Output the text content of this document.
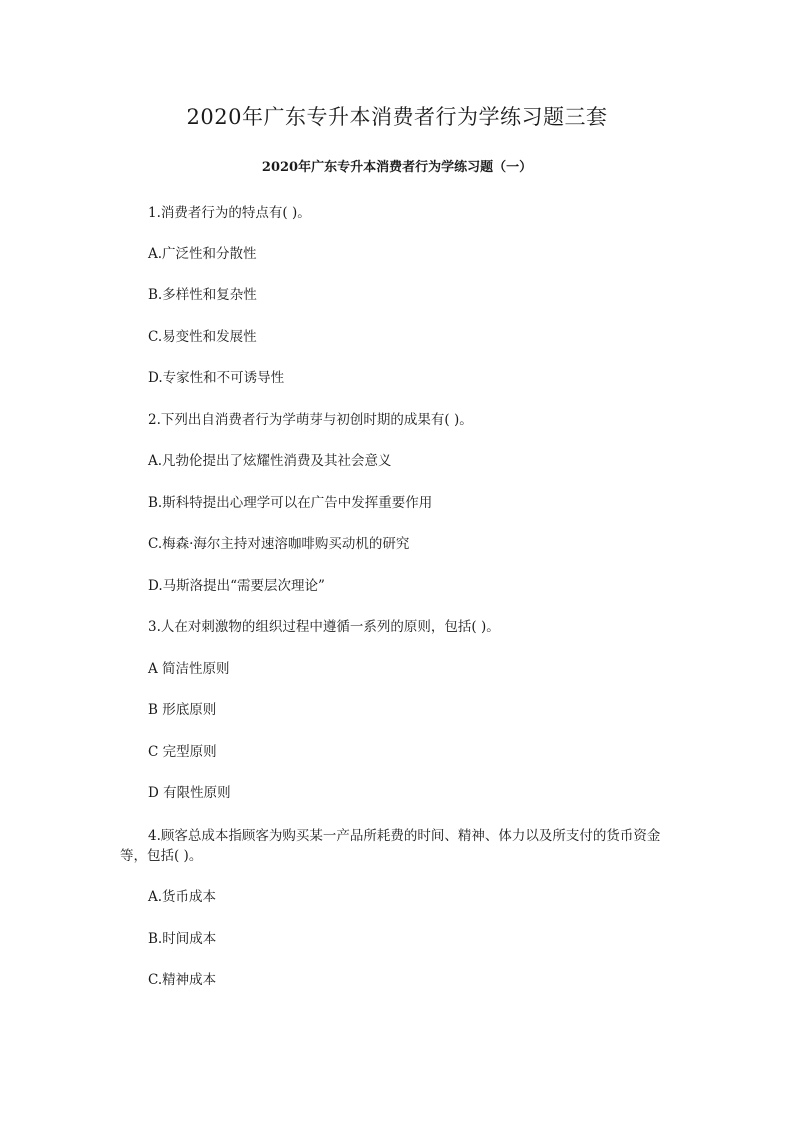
2020年广东专升本消费者行为学练习题三套
2020年广东专升本消费者行为学练习题（一）

1.消费者行为的特点有( )。

A.广泛性和分散性

B.多样性和复杂性

C.易变性和发展性

D.专家性和不可诱导性

2.下列出自消费者行为学萌芽与初创时期的成果有( )。

A.凡勃伦提出了炫耀性消费及其社会意义

B.斯科特提出心理学可以在广告中发挥重要作用

C.梅森·海尔主持对速溶咖啡购买动机的研究

D.马斯洛提出“需要层次理论”

3.人在对刺激物的组织过程中遵循一系列的原则，包括( )。

A 简洁性原则

B 形底原则

C 完型原则

D 有限性原则

4.顾客总成本指顾客为购买某一产品所耗费的时间、精神、体力以及所支付的货币资金等，包括( )。

A.货币成本

B.时间成本

C.精神成本
